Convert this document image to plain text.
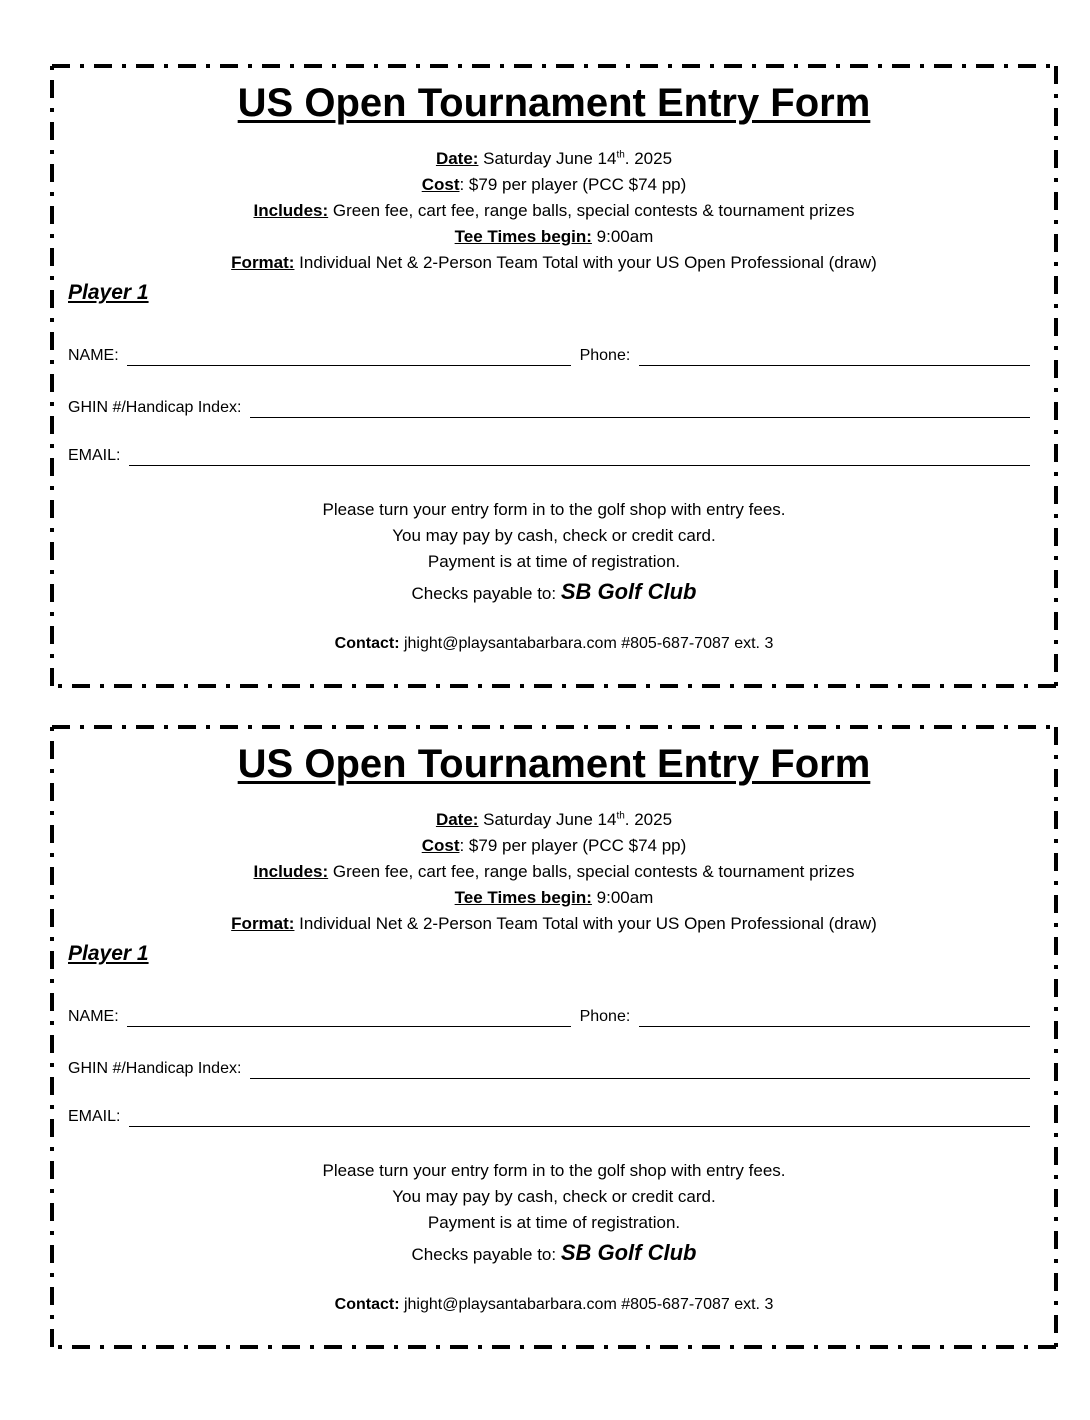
US Open Tournament Entry Form
Date: Saturday June 14th. 2025
Cost: $79 per player (PCC $74 pp)
Includes: Green fee, cart fee, range balls, special contests & tournament prizes
Tee Times begin: 9:00am
Format: Individual Net & 2-Person Team Total with your US Open Professional (draw)
Player 1
NAME:	Phone:
GHIN #/Handicap Index:
EMAIL:
Please turn your entry form in to the golf shop with entry fees.
You may pay by cash, check or credit card.
Payment is at time of registration.
Checks payable to: SB Golf Club
Contact: jhight@playsantabarbara.com #805-687-7087 ext. 3
US Open Tournament Entry Form
Date: Saturday June 14th. 2025
Cost: $79 per player (PCC $74 pp)
Includes: Green fee, cart fee, range balls, special contests & tournament prizes
Tee Times begin: 9:00am
Format: Individual Net & 2-Person Team Total with your US Open Professional (draw)
Player 1
NAME:	Phone:
GHIN #/Handicap Index:
EMAIL:
Please turn your entry form in to the golf shop with entry fees.
You may pay by cash, check or credit card.
Payment is at time of registration.
Checks payable to: SB Golf Club
Contact: jhight@playsantabarbara.com #805-687-7087 ext. 3
